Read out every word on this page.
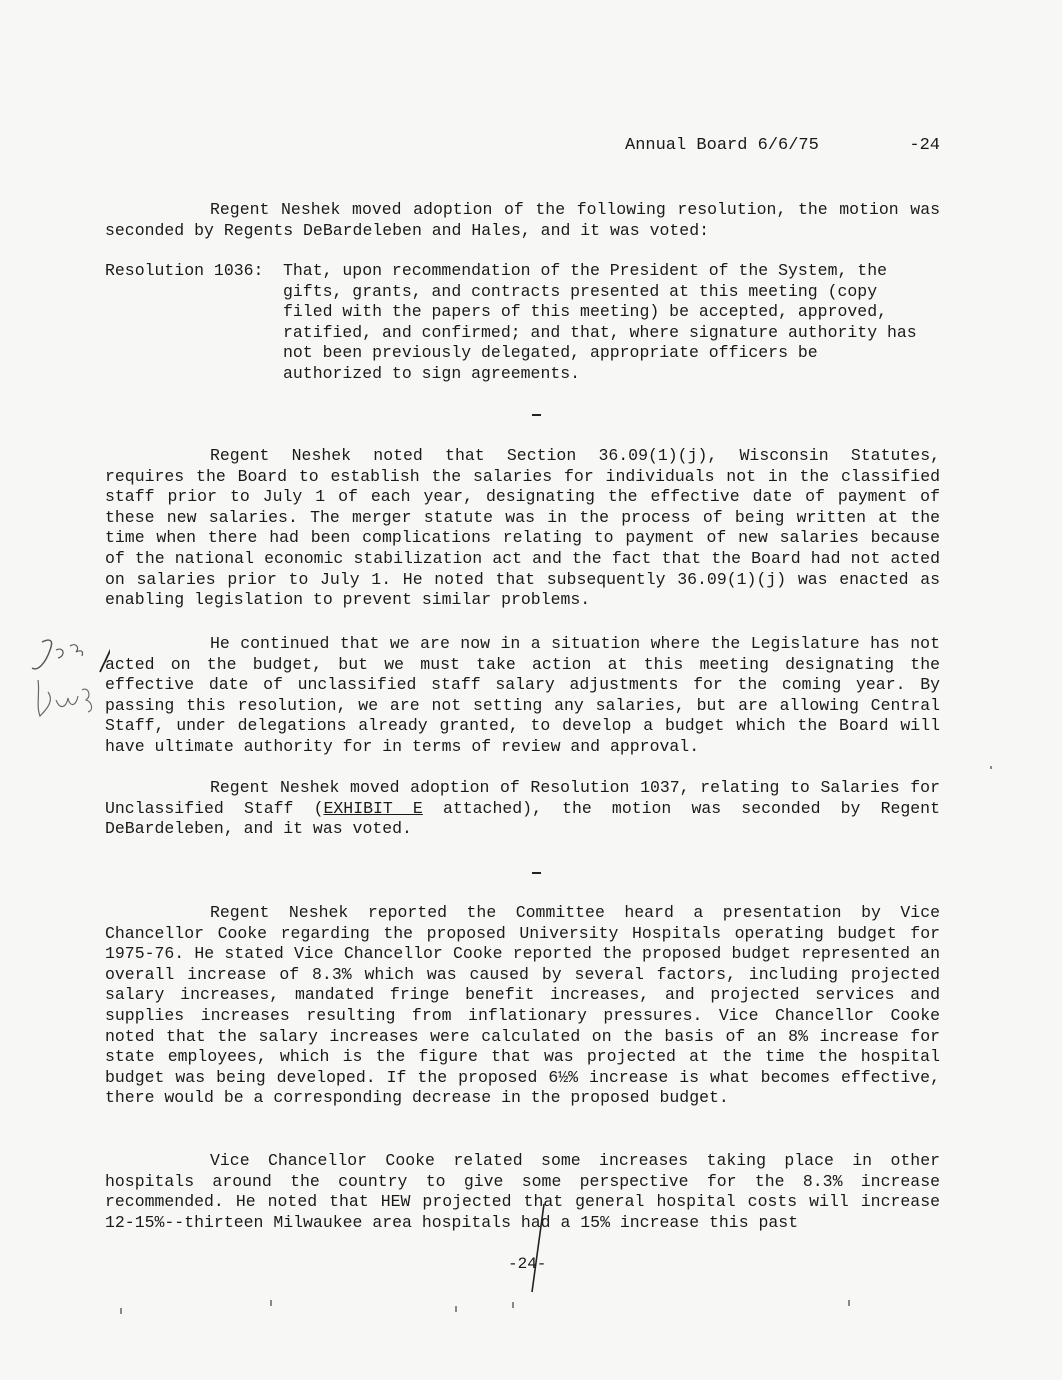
Annual Board 6/6/75	-24

Regent Neshek moved adoption of the following resolution, the motion was seconded by Regents DeBardeleben and Hales, and it was voted:

Resolution 1036: That, upon recommendation of the President of the System, the gifts, grants, and contracts presented at this meeting (copy filed with the papers of this meeting) be accepted, approved, ratified, and confirmed; and that, where signature authority has not been previously delegated, appropriate officers be authorized to sign agreements.

Regent Neshek noted that Section 36.09(1)(j), Wisconsin Statutes, requires the Board to establish the salaries for individuals not in the classified staff prior to July 1 of each year, designating the effective date of payment of these new salaries. The merger statute was in the process of being written at the time when there had been complications relating to payment of new salaries because of the national economic stabilization act and the fact that the Board had not acted on salaries prior to July 1. He noted that subsequently 36.09(1)(j) was enacted as enabling legislation to prevent similar problems.

He continued that we are now in a situation where the Legislature has not acted on the budget, but we must take action at this meeting designating the effective date of unclassified staff salary adjustments for the coming year. By passing this resolution, we are not setting any salaries, but are allowing Central Staff, under delegations already granted, to develop a budget which the Board will have ultimate authority for in terms of review and approval.

Regent Neshek moved adoption of Resolution 1037, relating to Salaries for Unclassified Staff (EXHIBIT E attached), the motion was seconded by Regent DeBardeleben, and it was voted.

Regent Neshek reported the Committee heard a presentation by Vice Chancellor Cooke regarding the proposed University Hospitals operating budget for 1975-76. He stated Vice Chancellor Cooke reported the proposed budget represented an overall increase of 8.3% which was caused by several factors, including projected salary increases, mandated fringe benefit increases, and projected services and supplies increases resulting from inflationary pressures. Vice Chancellor Cooke noted that the salary increases were calculated on the basis of an 8% increase for state employees, which is the figure that was projected at the time the hospital budget was being developed. If the proposed 6½% increase is what becomes effective, there would be a corresponding decrease in the proposed budget.

Vice Chancellor Cooke related some increases taking place in other hospitals around the country to give some perspective for the 8.3% increase recommended. He noted that HEW projected that general hospital costs will increase 12-15%--thirteen Milwaukee area hospitals had a 15% increase this past

-24-
